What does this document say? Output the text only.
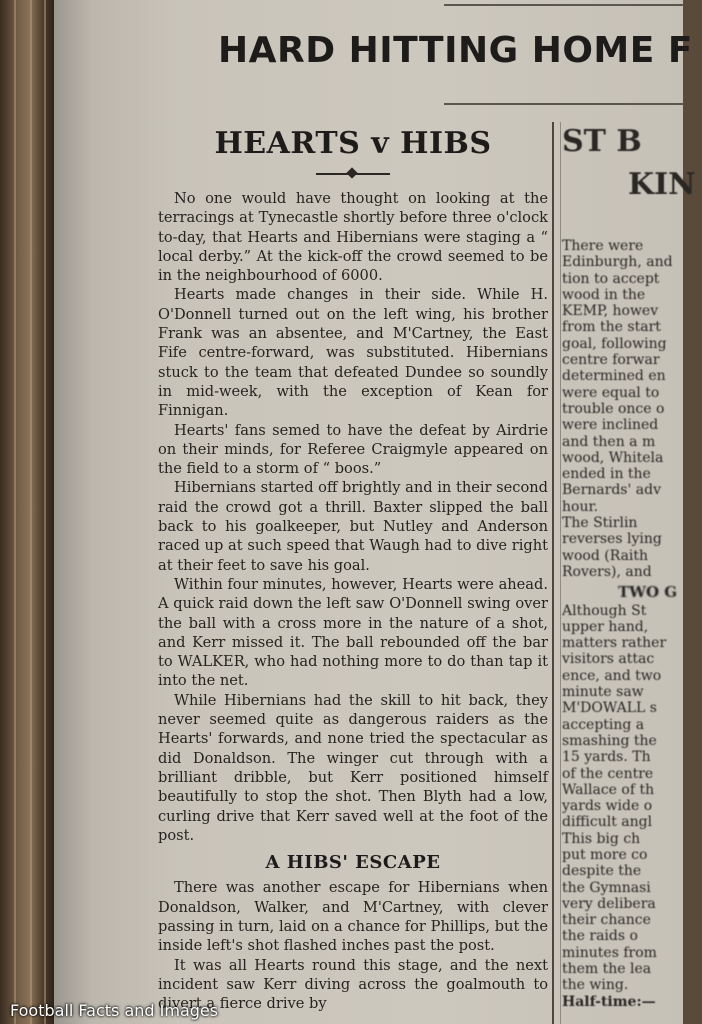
HARD HITTING HOME F
HEARTS v HIBS

No one would have thought on looking at the terracings at Tynecastle shortly before three o'clock to-day, that Hearts and Hibernians were staging a “ local derby.” At the kick-off the crowd seemed to be in the neighbourhood of 6000.

Hearts made changes in their side. While H. O'Donnell turned out on the left wing, his brother Frank was an absentee, and M'Cartney, the East Fife centre-forward, was substituted. Hibernians stuck to the team that defeated Dundee so soundly in mid-week, with the exception of Kean for Finnigan.

Hearts' fans semed to have the defeat by Airdrie on their minds, for Referee Craigmyle appeared on the field to a storm of “ boos.”

Hibernians started off brightly and in their second raid the crowd got a thrill. Baxter slipped the ball back to his goalkeeper, but Nutley and Anderson raced up at such speed that Waugh had to dive right at their feet to save his goal.

Within four minutes, however, Hearts were ahead. A quick raid down the left saw O'Donnell swing over the ball with a cross more in the nature of a shot, and Kerr missed it. The ball rebounded off the bar to WALKER, who had nothing more to do than tap it into the net.

While Hibernians had the skill to hit back, they never seemed quite as dangerous raiders as the Hearts' forwards, and none tried the spectacular as did Donaldson. The winger cut through with a brilliant dribble, but Kerr positioned himself beautifully to stop the shot. Then Blyth had a low, curling drive that Kerr saved well at the foot of the post.

A HIBS' ESCAPE

There was another escape for Hibernians when Donaldson, Walker, and M'Cartney, with clever passing in turn, laid on a chance for Phillips, but the inside left's shot flashed inches past the post.

It was all Hearts round this stage, and the next incident saw Kerr diving across the goalmouth to divert a fierce drive by

ST B
KIN
There were
Edinburgh, and
tion to accept
wood in the
KEMP, howev
from the start
goal, following
centre forwar
determined en
were equal to
trouble once o
were inclined
and then a m
wood, Whitela
ended in the
Bernards' adv
hour.
The Stirlin
reverses lying
wood (Raith
Rovers), and
TWO G
Although St
upper hand,
matters rather
visitors attac
ence, and two
minute saw
M'DOWALL s
accepting a
smashing the
15 yards. Th
of the centre
Wallace of th
yards wide o
difficult angl
This big ch
put more co
despite the
the Gymnasi
very delibera
their chance
the raids o
minutes from
them the lea
the wing.
Half-time:—
Football Facts and Images
